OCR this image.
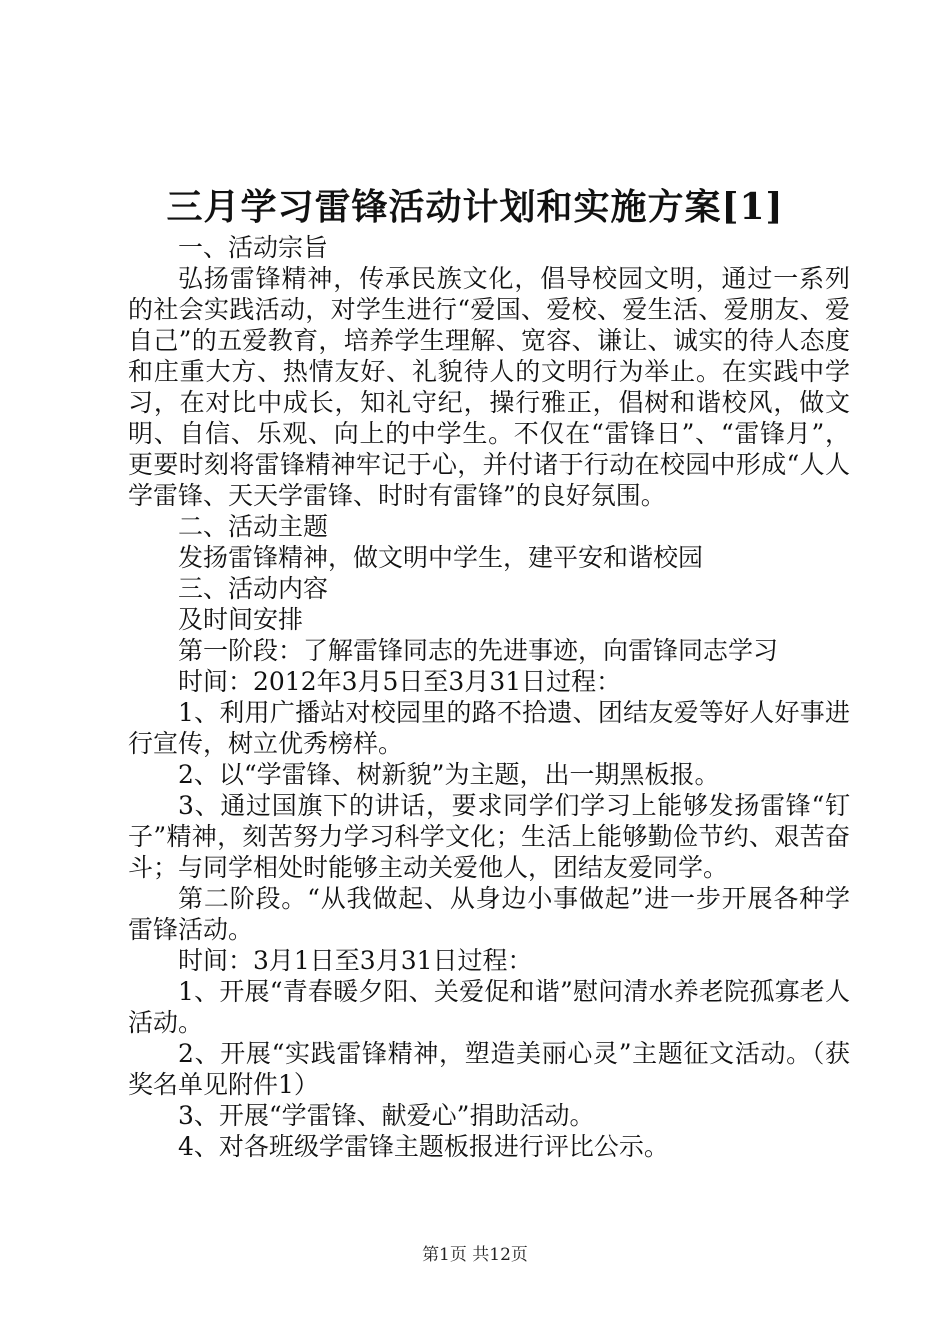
三月学习雷锋活动计划和实施方案[1]

一、活动宗旨

弘扬雷锋精神，传承民族文化，倡导校园文明，通过一系列的社会实践活动，对学生进行“爱国、爱校、爱生活、爱朋友、爱自己”的五爱教育，培养学生理解、宽容、谦让、诚实的待人态度和庄重大方、热情友好、礼貌待人的文明行为举止。在实践中学习，在对比中成长，知礼守纪，操行雅正，倡树和谐校风，做文明、自信、乐观、向上的中学生。不仅在“雷锋日”、“雷锋月”，更要时刻将雷锋精神牢记于心，并付诸于行动在校园中形成“人人学雷锋、天天学雷锋、时时有雷锋”的良好氛围。

二、活动主题

发扬雷锋精神，做文明中学生，建平安和谐校园

三、活动内容

及时间安排

第一阶段：了解雷锋同志的先进事迹，向雷锋同志学习

时间：2012年3月5日至3月31日过程：

1、利用广播站对校园里的路不拾遗、团结友爱等好人好事进行宣传，树立优秀榜样。

2、以“学雷锋、树新貌”为主题，出一期黑板报。

3、通过国旗下的讲话，要求同学们学习上能够发扬雷锋“钉子”精神，刻苦努力学习科学文化；生活上能够勤俭节约、艰苦奋斗；与同学相处时能够主动关爱他人，团结友爱同学。

第二阶段。“从我做起、从身边小事做起”进一步开展各种学雷锋活动。

时间：3月1日至3月31日过程：

1、开展“青春暖夕阳、关爱促和谐”慰问清水养老院孤寡老人活动。

2、开展“实践雷锋精神，塑造美丽心灵”主题征文活动。（获奖名单见附件1）

3、开展“学雷锋、献爱心”捐助活动。

4、对各班级学雷锋主题板报进行评比公示。

第1页 共12页
